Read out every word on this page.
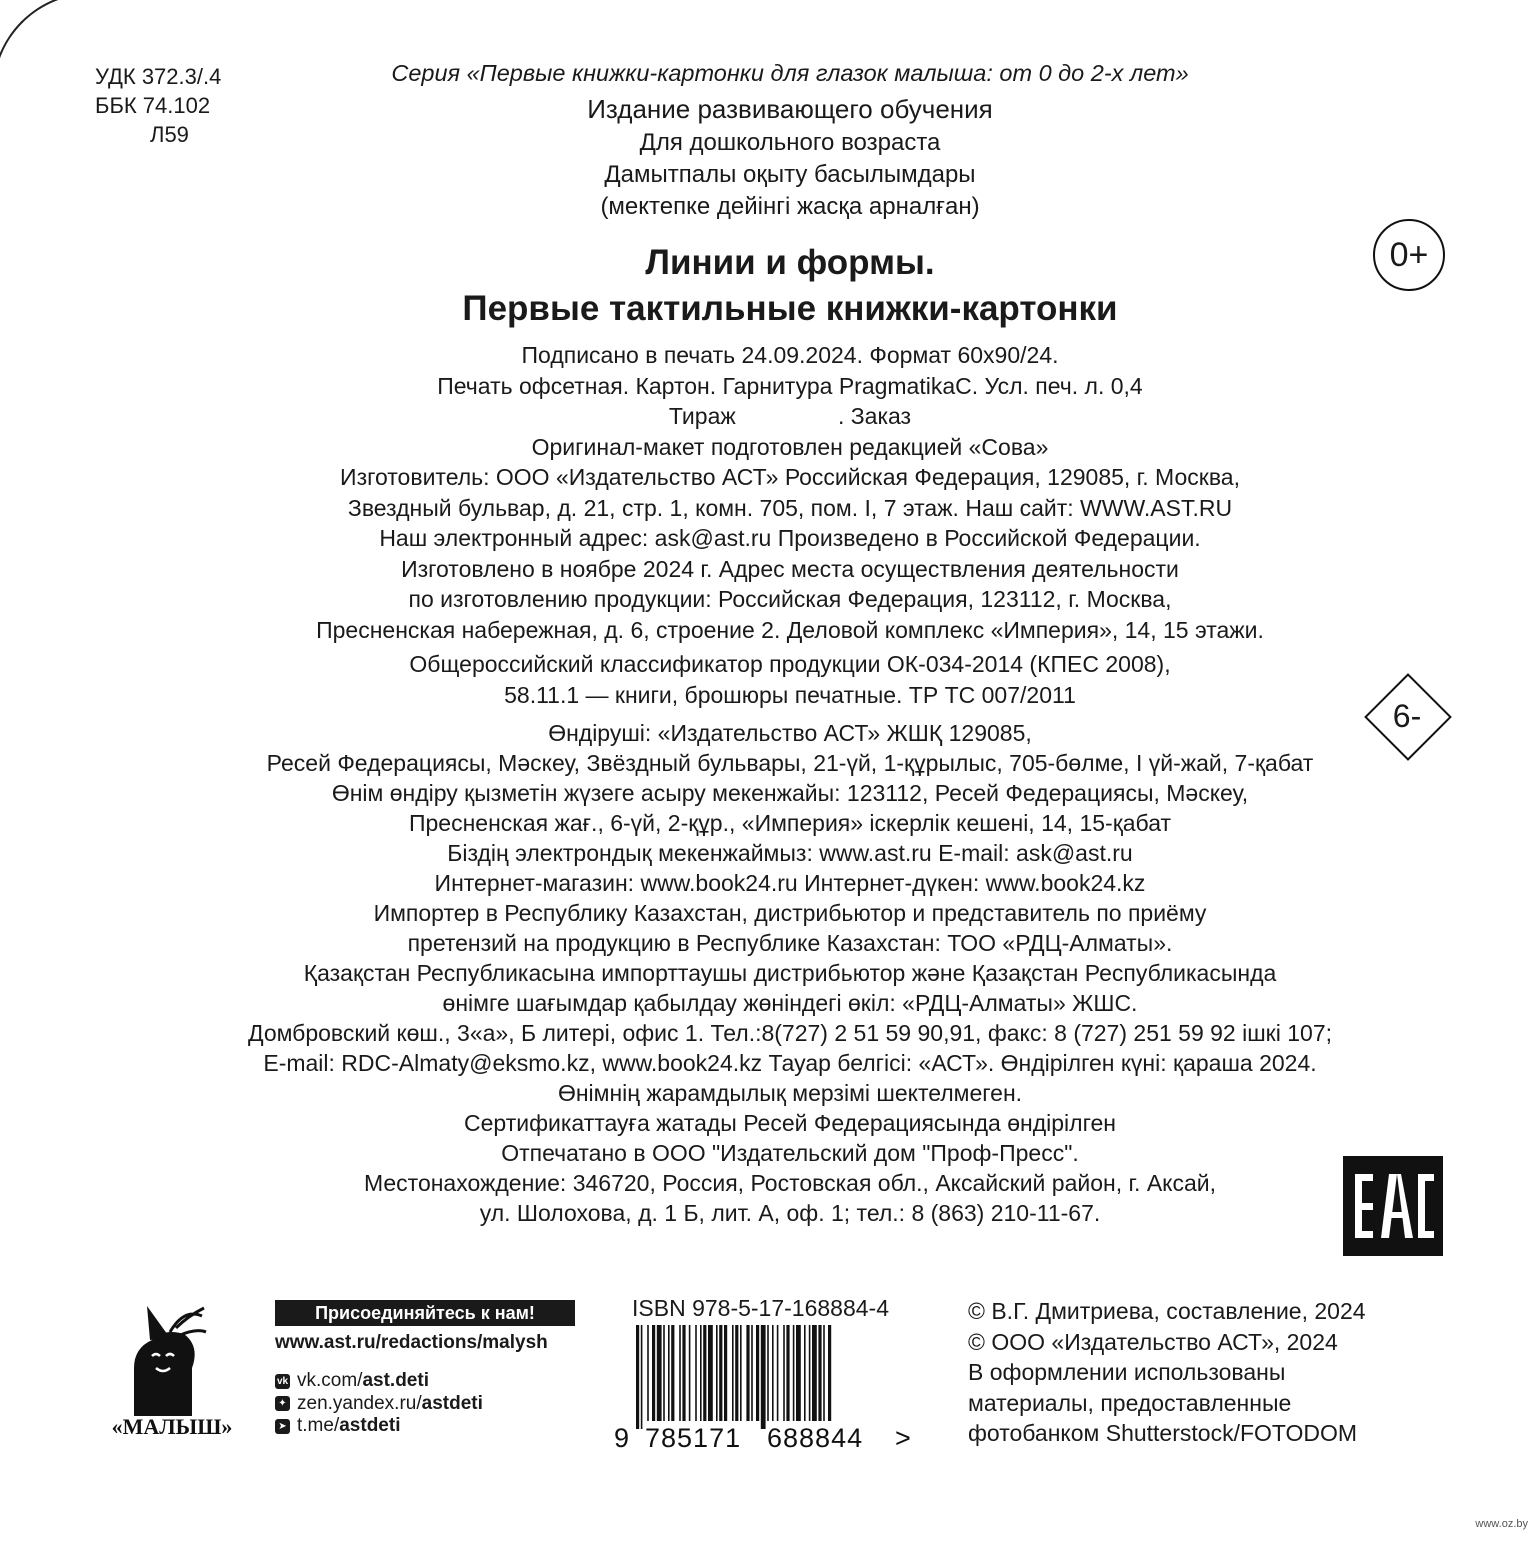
УДК 372.3/.4
ББК 74.102
Л59
Серия «Первые книжки-картонки для глазок малыша: от 0 до 2-х лет»
Издание развивающего обучения
Для дошкольного возраста
Дамытпалы оқыту басылымдары
(мектепке дейінгі жасқа арналған)
Линии и формы.
Первые тактильные книжки-картонки
0+
6-
Подписано в печать 24.09.2024. Формат 60х90/24.
Печать офсетная. Картон. Гарнитура PragmatikaC. Усл. печ. л. 0,4
Тираж                . Заказ
Оригинал-макет подготовлен редакцией «Сова»
Изготовитель: ООО «Издательство АСТ» Российская Федерация, 129085, г. Москва,
Звездный бульвар, д. 21, стр. 1, комн. 705, пом. I, 7 этаж. Наш сайт: WWW.AST.RU
Наш электронный адрес: ask@ast.ru Произведено в Российской Федерации.
Изготовлено в ноябре 2024 г. Адрес места осуществления деятельности
по изготовлению продукции: Российская Федерация, 123112, г. Москва,
Пресненская набережная, д. 6, строение 2. Деловой комплекс «Империя», 14, 15 этажи.
Общероссийский классификатор продукции ОК-034-2014 (КПЕС 2008),
58.11.1 — книги, брошюры печатные. ТР ТС 007/2011
Өндіруші: «Издательство АСТ» ЖШҚ 129085,
Ресей Федерациясы, Мәскеу, Звёздный бульвары, 21-үй, 1-құрылыс, 705-бөлме, I үй-жай, 7-қабат
Өнім өндіру қызметін жүзеге асыру мекенжайы: 123112, Ресей Федерациясы, Мәскеу,
Пресненская жағ., 6-үй, 2-құр., «Империя» іскерлік кешені, 14, 15-қабат
Біздің электрондық мекенжаймыз: www.ast.ru E-mail: ask@ast.ru
Интернет-магазин: www.book24.ru Интернет-дүкен: www.book24.kz
Импортер в Республику Казахстан, дистрибьютор и представитель по приёму
претензий на продукцию в Республике Казахстан: ТОО «РДЦ-Алматы».
Қазақстан Республикасына импорттаушы дистрибьютор және Қазақстан Республикасында
өнімге шағымдар қабылдау жөніндегі өкіл: «РДЦ-Алматы» ЖШС.
Домбровский көш., 3«а», Б литері, офис 1. Тел.:8(727) 2 51 59 90,91, факс: 8 (727) 251 59 92 ішкі 107;
E-mail: RDC-Almaty@eksmo.kz, www.book24.kz Тауар белгісі: «АСТ». Өндірілген күні: қараша 2024.
Өнімнің жарамдылық мерзімі шектелмеген.
Сертификаттауға жатады Ресей Федерациясында өндірілген
Отпечатано в ООО "Издательский дом "Проф-Пресс".
Местонахождение: 346720, Россия, Ростовская обл., Аксайский район, г. Аксай,
ул. Шолохова, д. 1 Б, лит. А, оф. 1; тел.: 8 (863) 210-11-67.
«МАЛЫШ»
Присоединяйтесь к нам!
www.ast.ru/redactions/malysh
vk vk.com/ ast.deti
✦ zen.yandex.ru/ astdeti
➤ t.me/ astdeti
ISBN 978-5-17-168884-4
9 785171 688844 >
© В.Г. Дмитриева, составление, 2024
© ООО «Издательство АСТ», 2024
В оформлении использованы
материалы, предоставленные
фотобанком Shutterstock/FOTODOM
www.oz.by
